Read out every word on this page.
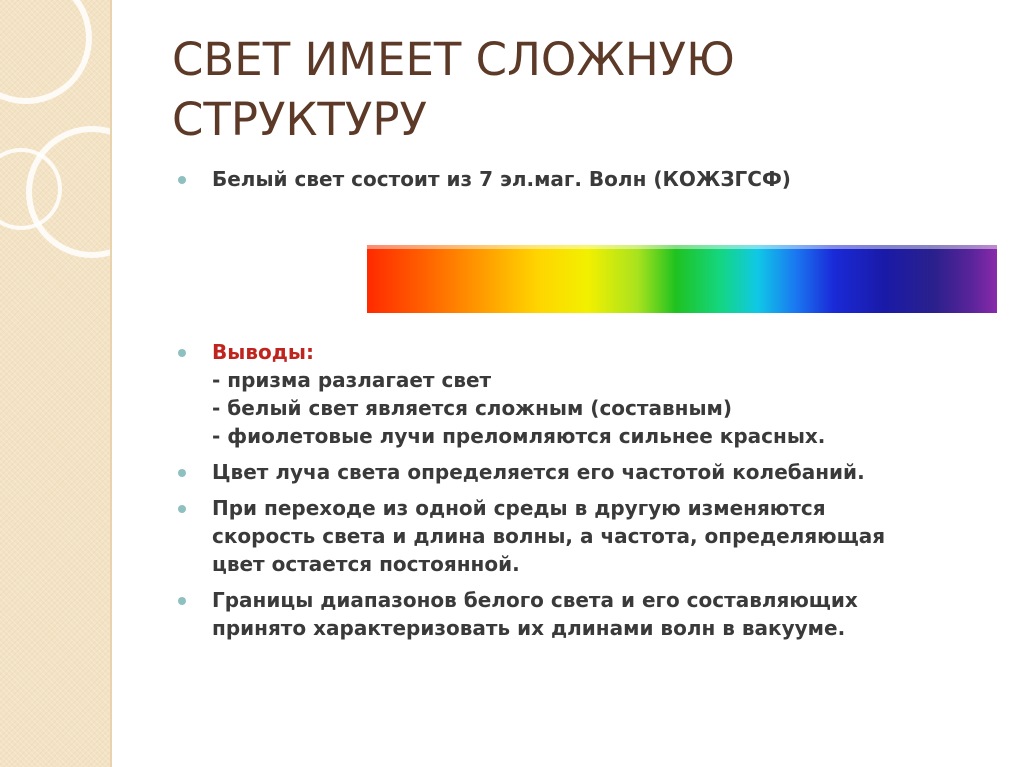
СВЕТ ИМЕЕТ СЛОЖНУЮ
СТРУКТУРУ
Белый свет состоит из 7 эл.маг. Волн (КОЖЗГСФ)
Выводы:
- призма разлагает свет
- белый свет является сложным (составным)
- фиолетовые лучи преломляются сильнее красных.
Цвет луча света определяется его частотой колебаний.
При переходе из одной среды в другую изменяются
скорость света и длина волны, а частота, определяющая
цвет остается постоянной.
Границы диапазонов белого света и его составляющих
принято характеризовать их длинами волн в вакууме.
